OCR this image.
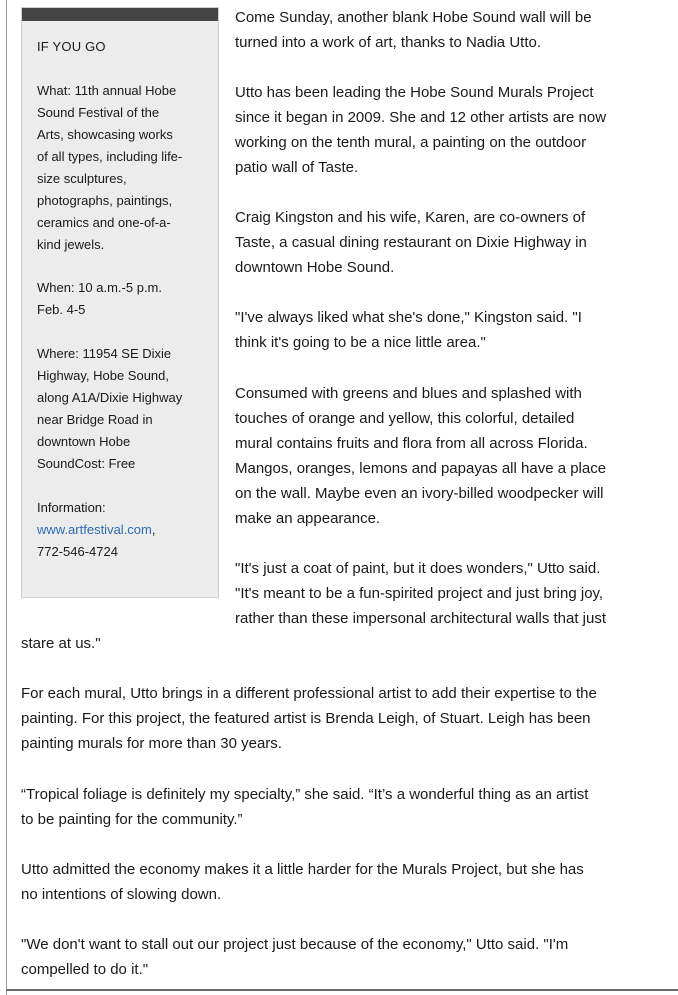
IF YOU GO

What: 11th annual Hobe
Sound Festival of the
Arts, showcasing works
of all types, including life-
size sculptures,
photographs, paintings,
ceramics and one-of-a-
kind jewels.

When: 10 a.m.-5 p.m.
Feb. 4-5

Where: 11954 SE Dixie
Highway, Hobe Sound,
along A1A/Dixie Highway
near Bridge Road in
downtown Hobe
SoundCost: Free

Information:
www.artfestival.com,
772-546-4724

Come Sunday, another blank Hobe Sound wall will be
turned into a work of art, thanks to Nadia Utto.

Utto has been leading the Hobe Sound Murals Project
since it began in 2009. She and 12 other artists are now
working on the tenth mural, a painting on the outdoor
patio wall of Taste.

Craig Kingston and his wife, Karen, are co-owners of
Taste, a casual dining restaurant on Dixie Highway in
downtown Hobe Sound.

"I've always liked what she's done," Kingston said. "I
think it's going to be a nice little area."

Consumed with greens and blues and splashed with
touches of orange and yellow, this colorful, detailed
mural contains fruits and flora from all across Florida.
Mangos, oranges, lemons and papayas all have a place
on the wall. Maybe even an ivory-billed woodpecker will
make an appearance.

"It's just a coat of paint, but it does wonders," Utto said.
"It's meant to be a fun-spirited project and just bring joy,
rather than these impersonal architectural walls that just

stare at us."

For each mural, Utto brings in a different professional artist to add their expertise to the
painting. For this project, the featured artist is Brenda Leigh, of Stuart. Leigh has been
painting murals for more than 30 years.

“Tropical foliage is definitely my specialty,” she said. “It’s a wonderful thing as an artist
to be painting for the community.”

Utto admitted the economy makes it a little harder for the Murals Project, but she has
no intentions of slowing down.

"We don't want to stall out our project just because of the economy," Utto said. "I'm
compelled to do it."
